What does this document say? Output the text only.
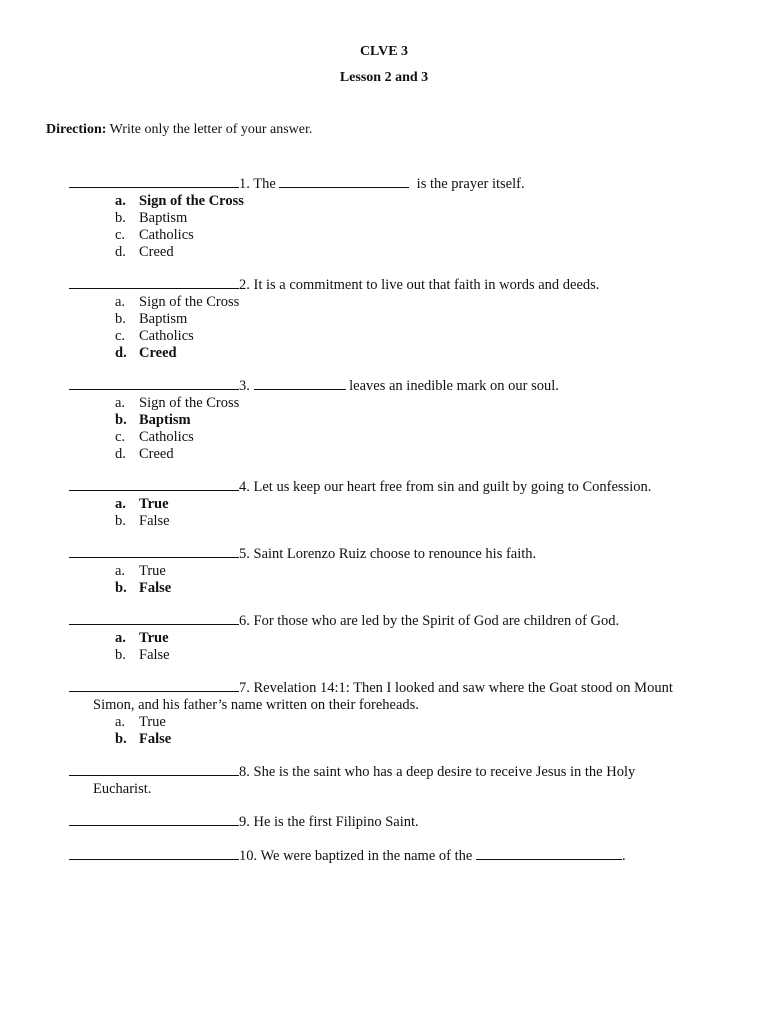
CLVE 3
Lesson 2 and 3
Direction: Write only the letter of your answer.
1. The	is the prayer itself.
a. Sign of the Cross
b. Baptism
c. Catholics
d. Creed
2. It is a commitment to live out that faith in words and deeds.
a. Sign of the Cross
b. Baptism
c. Catholics
d. Creed
3.	leaves an inedible mark on our soul.
a. Sign of the Cross
b. Baptism
c. Catholics
d. Creed
4. Let us keep our heart free from sin and guilt by going to Confession.
a. True
b. False
5. Saint Lorenzo Ruiz choose to renounce his faith.
a. True
b. False
6. For those who are led by the Spirit of God are children of God.
a. True
b. False
7. Revelation 14:1: Then I looked and saw where the Goat stood on Mount
Simon, and his father’s name written on their foreheads.
a. True
b. False
8. She is the saint who has a deep desire to receive Jesus in the Holy
Eucharist.
9. He is the first Filipino Saint.
10. We were baptized in the name of the	.
